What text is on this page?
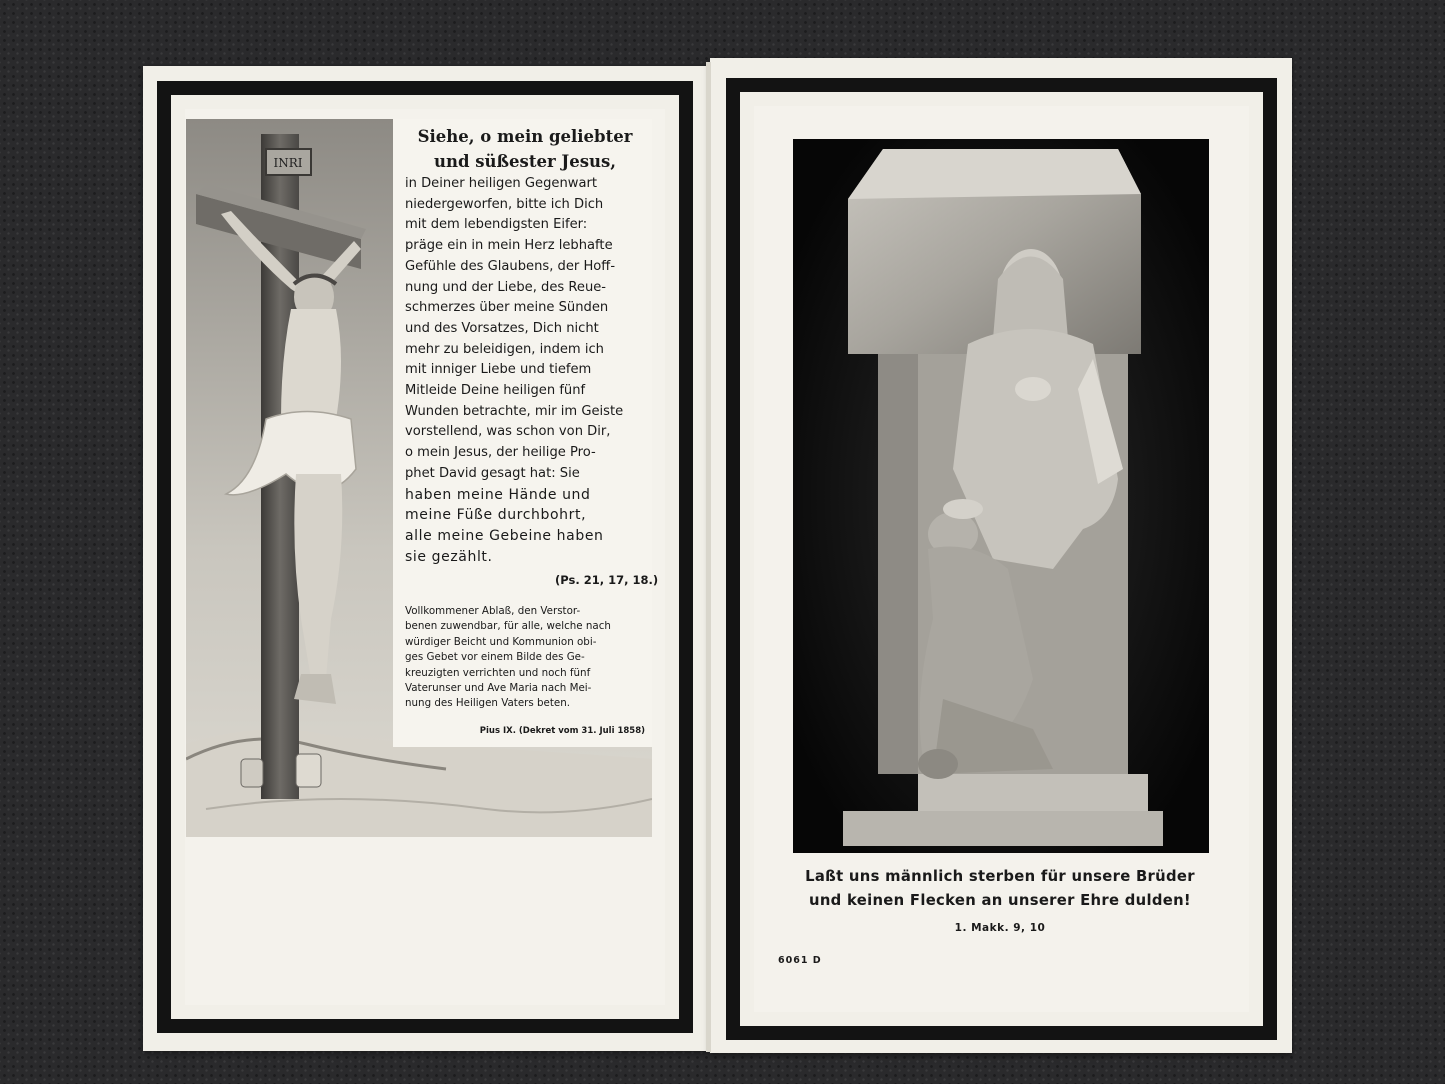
INRI
Siehe, o mein geliebter
und süßester Jesus,
in Deiner heiligen Gegenwart
niedergeworfen, bitte ich Dich
mit dem lebendigsten Eifer:
präge ein in mein Herz lebhafte
Gefühle des Glaubens, der Hoff-
nung und der Liebe, des Reue-
schmerzes über meine Sünden
und des Vorsatzes, Dich nicht
mehr zu beleidigen, indem ich
mit inniger Liebe und tiefem
Mitleide Deine heiligen fünf
Wunden betrachte, mir im Geiste
vorstellend, was schon von Dir,
o mein Jesus, der heilige Pro-
phet David gesagt hat: Sie
haben meine Hände und
meine Füße durchbohrt,
alle meine Gebeine haben
sie gezählt.
(Ps. 21, 17, 18.)
Vollkommener Ablaß, den Verstor-
benen zuwendbar, für alle, welche nach
würdiger Beicht und Kommunion obi-
ges Gebet vor einem Bilde des Ge-
kreuzigten verrichten und noch fünf
Vaterunser und Ave Maria nach Mei-
nung des Heiligen Vaters beten.
Pius IX. (Dekret vom 31. Juli 1858)
Laßt uns männlich sterben für unsere Brüder
und keinen Flecken an unserer Ehre dulden!
1. Makk. 9, 10
6061 D
